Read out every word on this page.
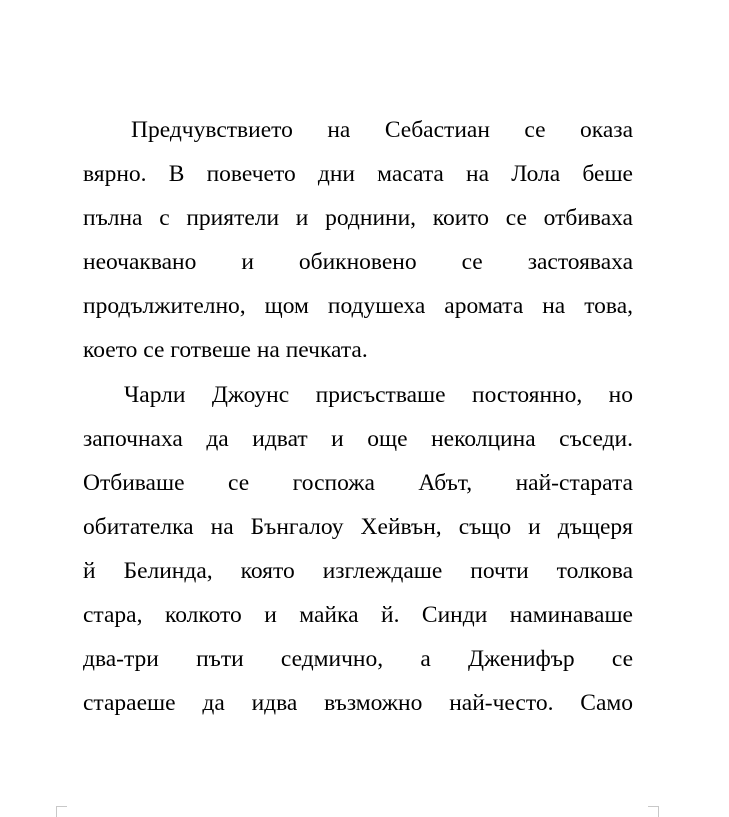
Предчувствието на Себастиан се оказа
вярно. В повечето дни масата на Лола беше
пълна с приятели и роднини, които се отбиваха
неочаквано и обикновено се застояваха
продължително, щом подушеха аромата на това,
което се готвеше на печката.
Чарли Джоунс присъстваше постоянно, но
започнаха да идват и още неколцина съседи.
Отбиваше се госпожа Абът, най-старата
обитателка на Бънгалоу Хейвън, също и дъщеря
й Белинда, която изглеждаше почти толкова
стара, колкото и майка й. Синди наминаваше
два-три пъти седмично, а Дженифър се
стараеше да идва възможно най-често. Само
